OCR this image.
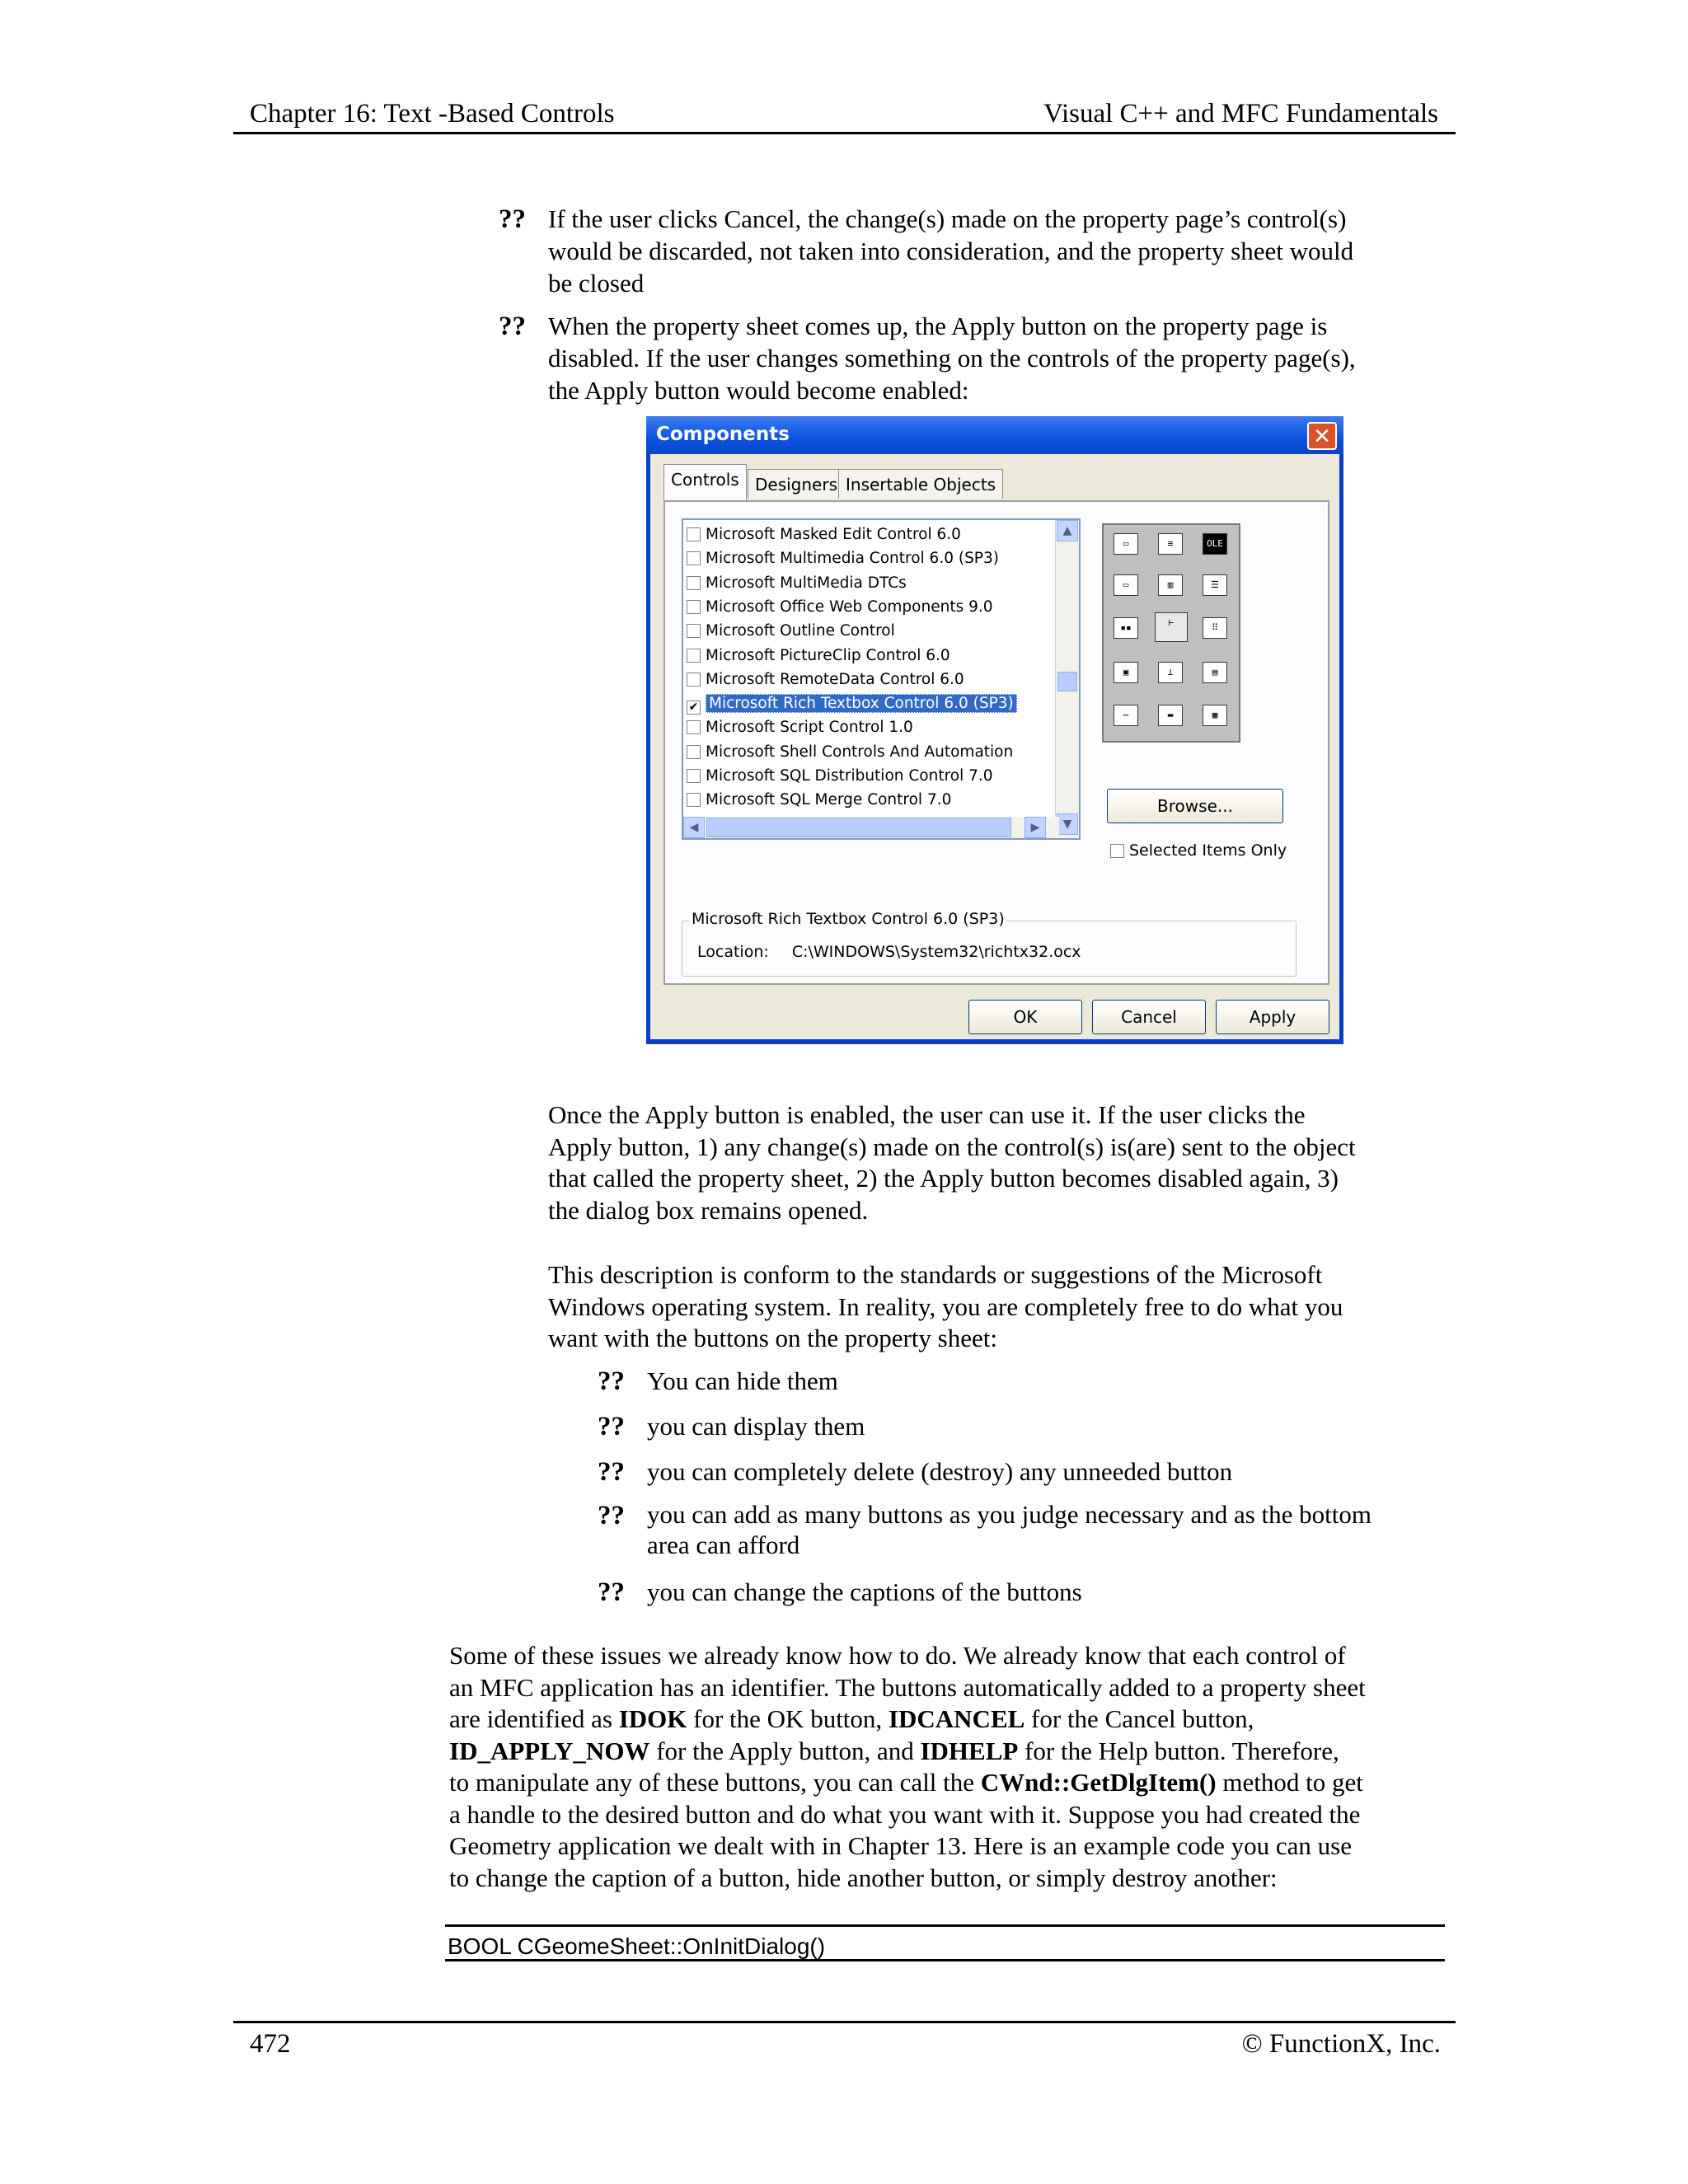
Chapter 16: Text -Based Controls	Visual C++ and MFC Fundamentals
?? If the user clicks Cancel, the change(s) made on the property page’s control(s)
would be discarded, not taken into consideration, and the property sheet would
be closed
?? When the property sheet comes up, the Apply button on the property page is
disabled. If the user changes something on the controls of the property page(s),
the Apply button would become enabled:
Components	✕
Controls Designers Insertable Objects
Microsoft Masked Edit Control 6.0
Microsoft Multimedia Control 6.0 (SP3)
Microsoft MultiMedia DTCs
Microsoft Office Web Components 9.0
Microsoft Outline Control
Microsoft PictureClip Control 6.0
Microsoft RemoteData Control 6.0
✔ Microsoft Rich Textbox Control 6.0 (SP3)
Microsoft Script Control 1.0
Microsoft Shell Controls And Automation
Microsoft SQL Distribution Control 7.0
Microsoft SQL Merge Control 7.0
▲
▼
◀	▶
▭	≡	OLE
▭	▥	☰
▪▪	⊢	⠿
▣	⊥	▤
⋯	▬	▦
Browse...
Selected Items Only
Microsoft Rich Textbox Control 6.0 (SP3)
Location: C:\WINDOWS\System32\richtx32.ocx
OK	Cancel	Apply
Once the Apply button is enabled, the user can use it. If the user clicks the
Apply button, 1) any change(s) made on the control(s) is(are) sent to the object
that called the property sheet, 2) the Apply button becomes disabled again, 3)
the dialog box remains opened.
This description is conform to the standards or suggestions of the Microsoft
Windows operating system. In reality, you are completely free to do what you
want with the buttons on the property sheet:
?? You can hide them
?? you can display them
?? you can completely delete (destroy) any unneeded button
?? you can add as many buttons as you judge necessary and as the bottom
area can afford
?? you can change the captions of the buttons
Some of these issues we already know how to do. We already know that each control of
an MFC application has an identifier. The buttons automatically added to a property sheet
are identified as IDOK for the OK button, IDCANCEL for the Cancel button,
ID_APPLY_NOW for the Apply button, and IDHELP for the Help button. Therefore,
to manipulate any of these buttons, you can call the CWnd::GetDlgItem() method to get
a handle to the desired button and do what you want with it. Suppose you had created the
Geometry application we dealt with in Chapter 13. Here is an example code you can use
to change the caption of a button, hide another button, or simply destroy another:
BOOL CGeomeSheet::OnInitDialog()
472	© FunctionX, Inc.
